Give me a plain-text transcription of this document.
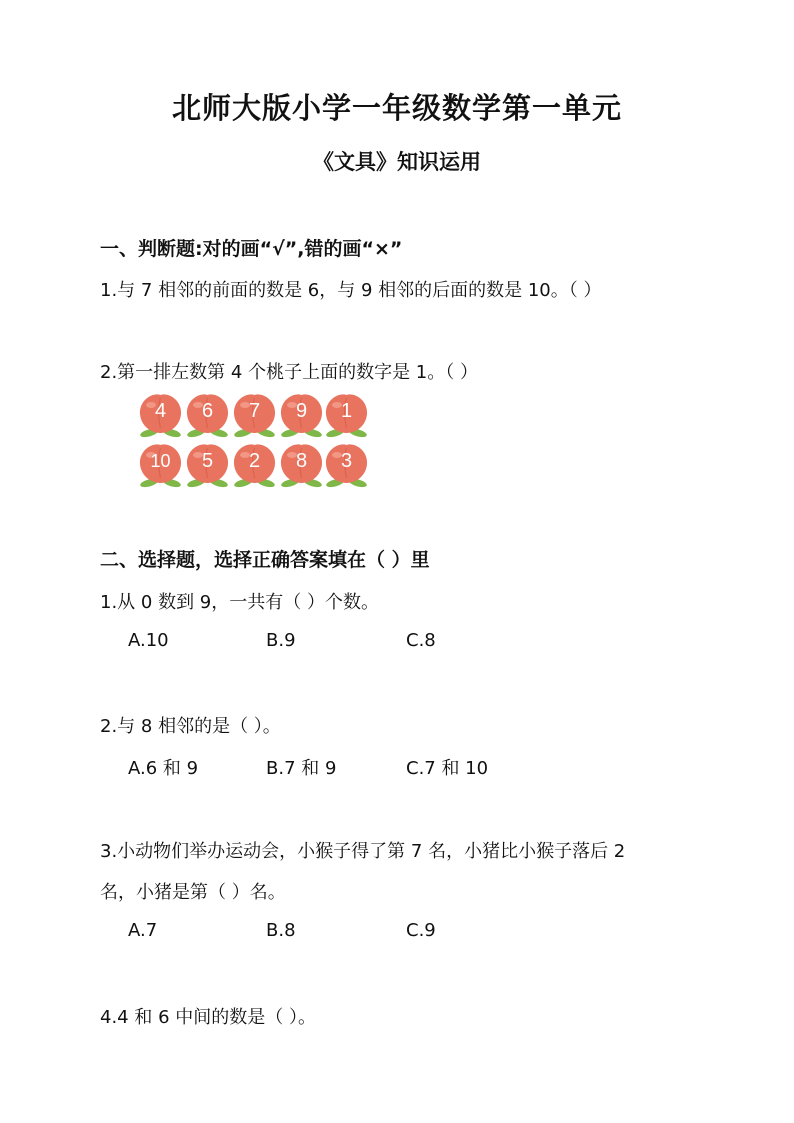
北师大版小学一年级数学第一单元
《文具》知识运用
一、判断题:对的画“√”,错的画“×”
1.与 7 相邻的前面的数是 6，与 9 相邻的后面的数是 10。（ ）
2.第一排左数第 4 个桃子上面的数字是 1。（ ）
4	6	7	9	1
10	5	2	8	3
二、选择题，选择正确答案填在（ ）里
1.从 0 数到 9，一共有（ ）个数。
A.10	B.9	C.8
2.与 8 相邻的是（ ）。
A.6 和 9	B.7 和 9	C.7 和 10
3.小动物们举办运动会，小猴子得了第 7 名，小猪比小猴子落后 2
名，小猪是第（ ）名。
A.7	B.8	C.9
4.4 和 6 中间的数是（ ）。
